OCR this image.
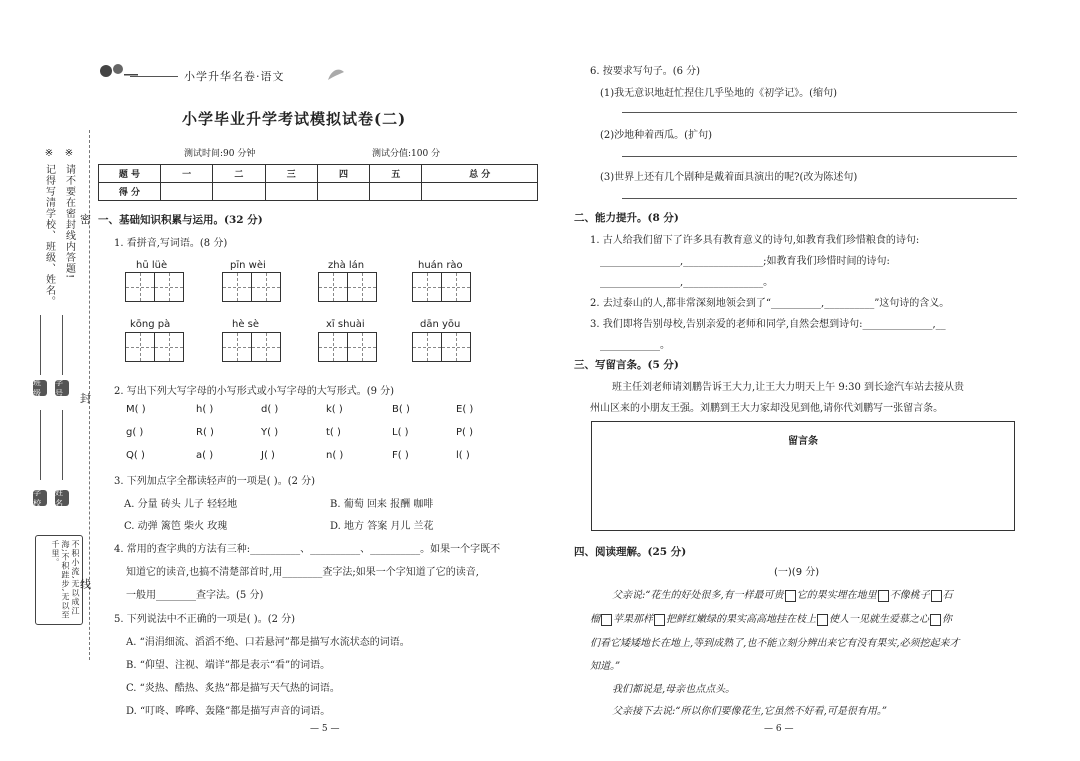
※ 请不要在密封线内答题!
※ 记得写清学校、班级、姓名。
班级
学号
学校
姓名
不积小流,无以成江海;不积跬步,无以至千里。
密
封
线
小学升华名卷·语文
小学毕业升学考试模拟试卷(二)
测试时间:90 分钟	测试分值:100 分
题 号	一	二	三	四	五	总 分
得 分						
一、基础知识积累与运用。(32 分)
1. 看拼音,写词语。(8 分)
hū lüè	pīn wèi	zhà lán	huán rào
kōng pà	hè sè	xī shuài	dān yōu
2. 写出下列大写字母的小写形式或小写字母的大写形式。(9 分)
M( )	h( )	d( )	k( )	B( )	E( )
g( )	R( )	Y( )	t( )	L( )	P( )
Q( )	a( )	J( )	n( )	F( )	l( )
3. 下列加点字全都读轻声的一项是( )。(2 分)
A. 分量 砖头 儿子 轻轻地	B. 葡萄 回来 报酬 咖啡
C. 动弹 篱笆 柴火 玫瑰	D. 地方 答案 月儿 兰花
4. 常用的查字典的方法有三种:__________、__________、__________。如果一个字既不
知道它的读音,也搞不清楚部首时,用________查字法;如果一个字知道了它的读音,
一般用________查字法。(5 分)
5. 下列说法中不正确的一项是( )。(2 分)
A. “涓涓细流、滔滔不绝、口若悬河”都是描写水流状态的词语。
B. “仰望、注视、端详”都是表示“看”的词语。
C. “炎热、酷热、炙热”都是描写天气热的词语。
D. “叮咚、哗哗、轰隆”都是描写声音的词语。
— 5 —
6. 按要求写句子。(6 分)
(1)我无意识地赶忙捏住几乎坠地的《初学记》。(缩句)
(2)沙地种着西瓜。(扩句)
(3)世界上还有几个剧种是戴着面具演出的呢?(改为陈述句)
二、能力提升。(8 分)
1. 古人给我们留下了许多具有教育意义的诗句,如教育我们珍惜粮食的诗句:
________________,________________;如教育我们珍惜时间的诗句:
________________,________________。
2. 去过泰山的人,都非常深刻地领会到了“__________,__________”这句诗的含义。
3. 我们即将告别母校,告别亲爱的老师和同学,自然会想到诗句:______________,__
____________。
三、写留言条。(5 分)
班主任刘老师请刘鹏告诉王大力,让王大力明天上午 9:30 到长途汽车站去接从贵
州山区来的小朋友王强。刘鹏到王大力家却没见到他,请你代刘鹏写一张留言条。
留言条
四、阅读理解。(25 分)
(一)(9 分)
父亲说:“花生的好处很多,有一样最可贵 它的果实埋在地里 不像桃子 石
榴 苹果那样 把鲜红嫩绿的果实高高地挂在枝上 使人一见就生爱慕之心 你
们看它矮矮地长在地上,等到成熟了,也不能立刻分辨出来它有没有果实,必须挖起来才
知道。”
我们都说是,母亲也点点头。
父亲接下去说:“所以你们要像花生,它虽然不好看,可是很有用。”
— 6 —
